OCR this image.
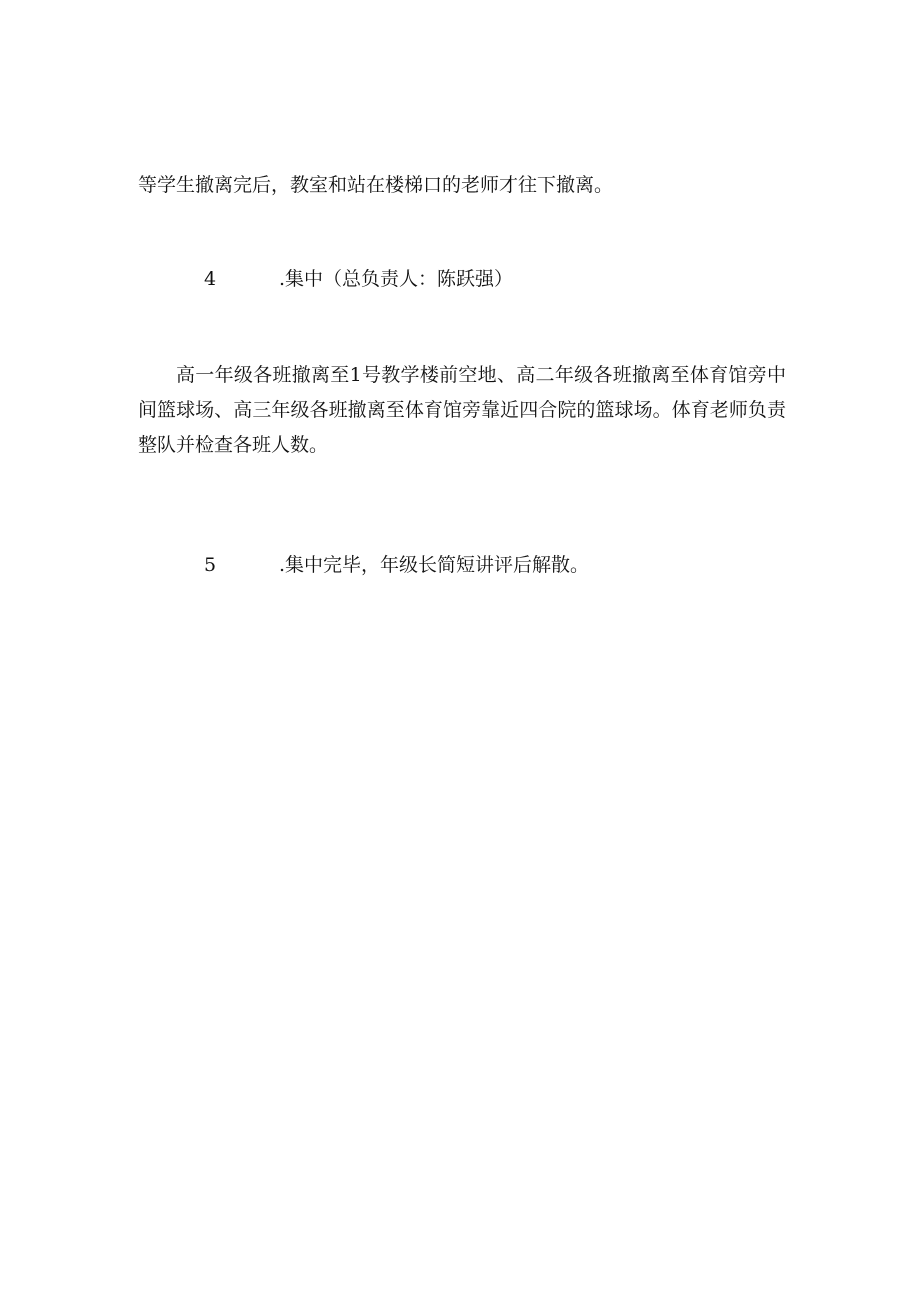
等学生撤离完后，教室和站在楼梯口的老师才往下撤离。

4	.集中（总负责人：陈跃强）

高一年级各班撤离至1号教学楼前空地、高二年级各班撤离至体育馆旁中间篮球场、高三年级各班撤离至体育馆旁靠近四合院的篮球场。体育老师负责整队并检查各班人数。

5	.集中完毕，年级长简短讲评后解散。
